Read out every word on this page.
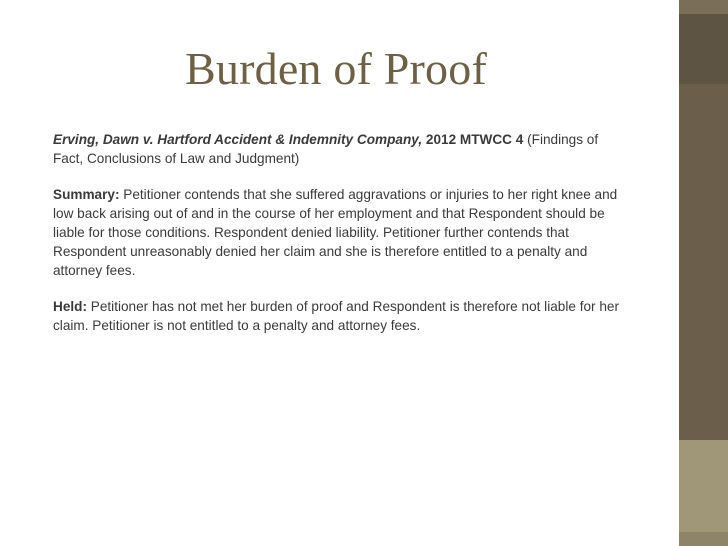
Burden of Proof

Erving, Dawn v. Hartford Accident & Indemnity Company, 2012 MTWCC 4 (Findings of Fact, Conclusions of Law and Judgment)

Summary: Petitioner contends that she suffered aggravations or injuries to her right knee and low back arising out of and in the course of her employment and that Respondent should be liable for those conditions. Respondent denied liability. Petitioner further contends that Respondent unreasonably denied her claim and she is therefore entitled to a penalty and attorney fees.

Held: Petitioner has not met her burden of proof and Respondent is therefore not liable for her claim. Petitioner is not entitled to a penalty and attorney fees.
